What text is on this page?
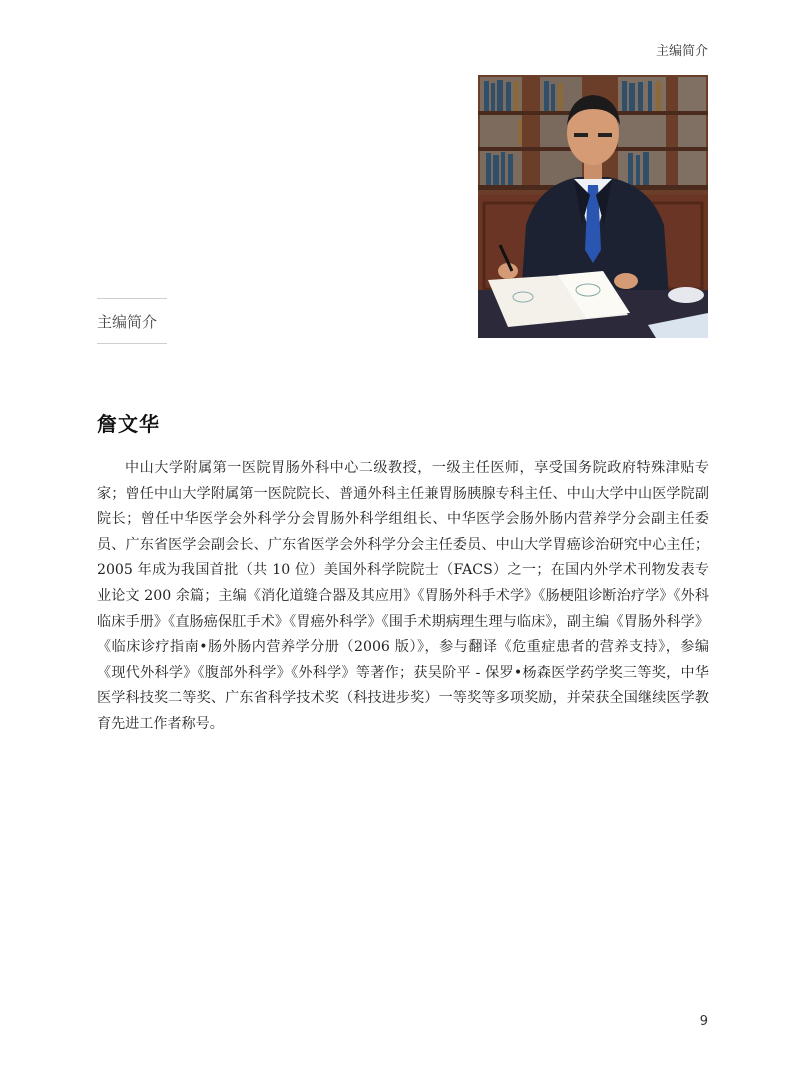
主编简介
主编简介
詹文华

中山大学附属第一医院胃肠外科中心二级教授，一级主任医师，享受国务院政府特殊津贴专家；曾任中山大学附属第一医院院长、普通外科主任兼胃肠胰腺专科主任、中山大学中山医学院副院长；曾任中华医学会外科学分会胃肠外科学组组长、中华医学会肠外肠内营养学分会副主任委员、广东省医学会副会长、广东省医学会外科学分会主任委员、中山大学胃癌诊治研究中心主任；2005 年成为我国首批（共 10 位）美国外科学院院士（FACS）之一；在国内外学术刊物发表专业论文 200 余篇；主编《消化道缝合器及其应用》《胃肠外科手术学》《肠梗阻诊断治疗学》《外科临床手册》《直肠癌保肛手术》《胃癌外科学》《围手术期病理生理与临床》，副主编《胃肠外科学》《临床诊疗指南•肠外肠内营养学分册（2006 版）》，参与翻译《危重症患者的营养支持》，参编《现代外科学》《腹部外科学》《外科学》等著作；获吴阶平 - 保罗•杨森医学药学奖三等奖，中华医学科技奖二等奖、广东省科学技术奖（科技进步奖）一等奖等多项奖励，并荣获全国继续医学教育先进工作者称号。

9
